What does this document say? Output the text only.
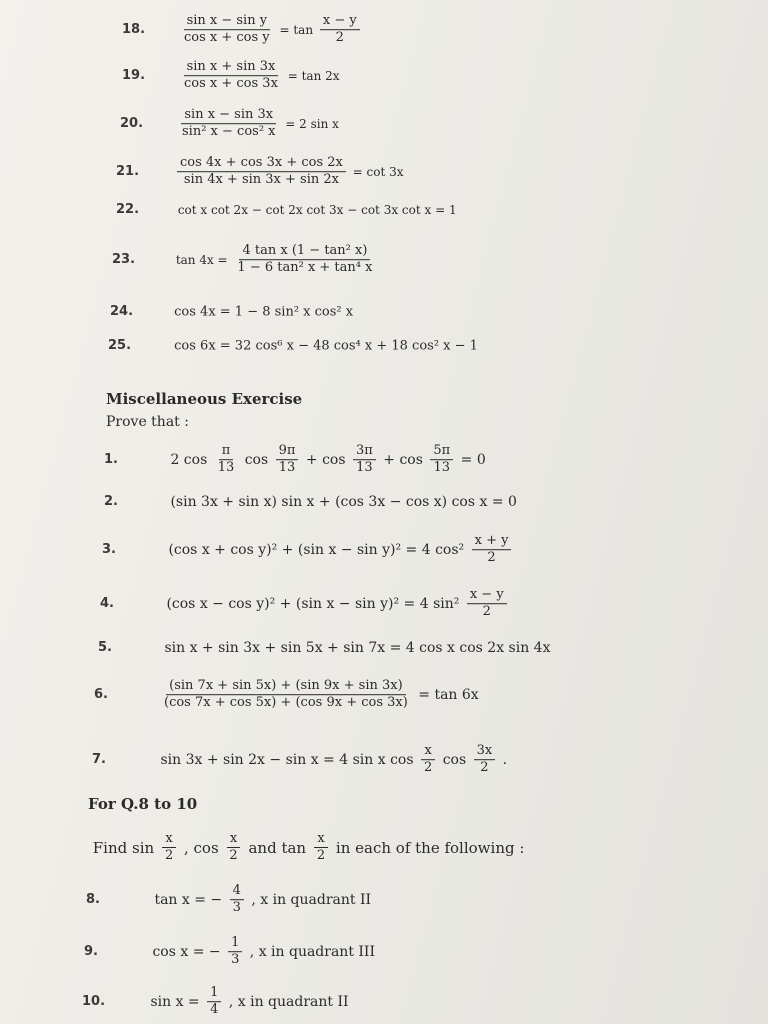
18.	$\frac{\text{sin x − sin y}}{\text{cos x + cos y}} = \tan \frac{x - y}{2}$
19.	$\frac{\text{sin x + sin 3x}}{\text{cos x + cos 3x}} = \tan 2x$
20.	$\frac{\text{sin x − sin 3x}}{\text{sin² x − cos² x}} = 2$ sin x
21.	$\frac{\cos 4x + \cos 3x + \cos 2x}{\sin 4x + \sin 3x + \sin 2x} = \cot 3x$
22.	cot x cot 2x − cot 2x cot 3x − cot 3x cot x = 1
23.	$\tan 4x = \frac{\text{4 tan x (1 − tan² x)}}{\text{1 − 6 tan² x + tan⁴ x}}$
24.	cos 4x = 1 − 8 sin² x cos² x
25.	cos 6x = 32 cos⁶ x − 48 cos⁴ x + 18 cos² x − 1
Miscellaneous Exercise
Prove that :
1.	2 $\cos \frac{\pi}{13}$ $\cos \frac{9\pi}{13} + \cos \frac{3\pi}{13} + \cos \frac{5\pi}{13} = 0$
2.	(sin 3x + sin x) sin x + (cos 3x − cos x) cos x = 0
3.	(cos x + cos y)² + (sin x − sin y)² = 4 $\cos^2 \frac{x + y}{2}$
4.	(cos x − cos y)² + (sin x − sin y)² = 4 $\sin^2 \frac{x - y}{2}$
5.	sin x + sin 3x + sin 5x + sin 7x = 4 cos x cos 2x sin 4x
6.	$\frac{(\sin 7x + \sin 5x) + (\sin 9x + \sin 3x)}{(\cos 7x + \cos 5x) + (\cos 9x + \cos 3x)} = \tan 6x$
7.	sin 3x + sin 2x − sin x = 4 sin x $\cos \frac{x}{2}$ $\cos \frac{3x}{2}$ .
For Q.8 to 10
Find $\sin \frac{x}{2}$ , $\cos \frac{x}{2}$ and $\tan \frac{x}{2}$ in each of the following :
8.	tan x = − $\frac{4}{3}$ , x in quadrant II
9.	cos x = − $\frac{1}{3}$ , x in quadrant III
10.	$\sin x = \frac{1}{4}$ , x in quadrant II
